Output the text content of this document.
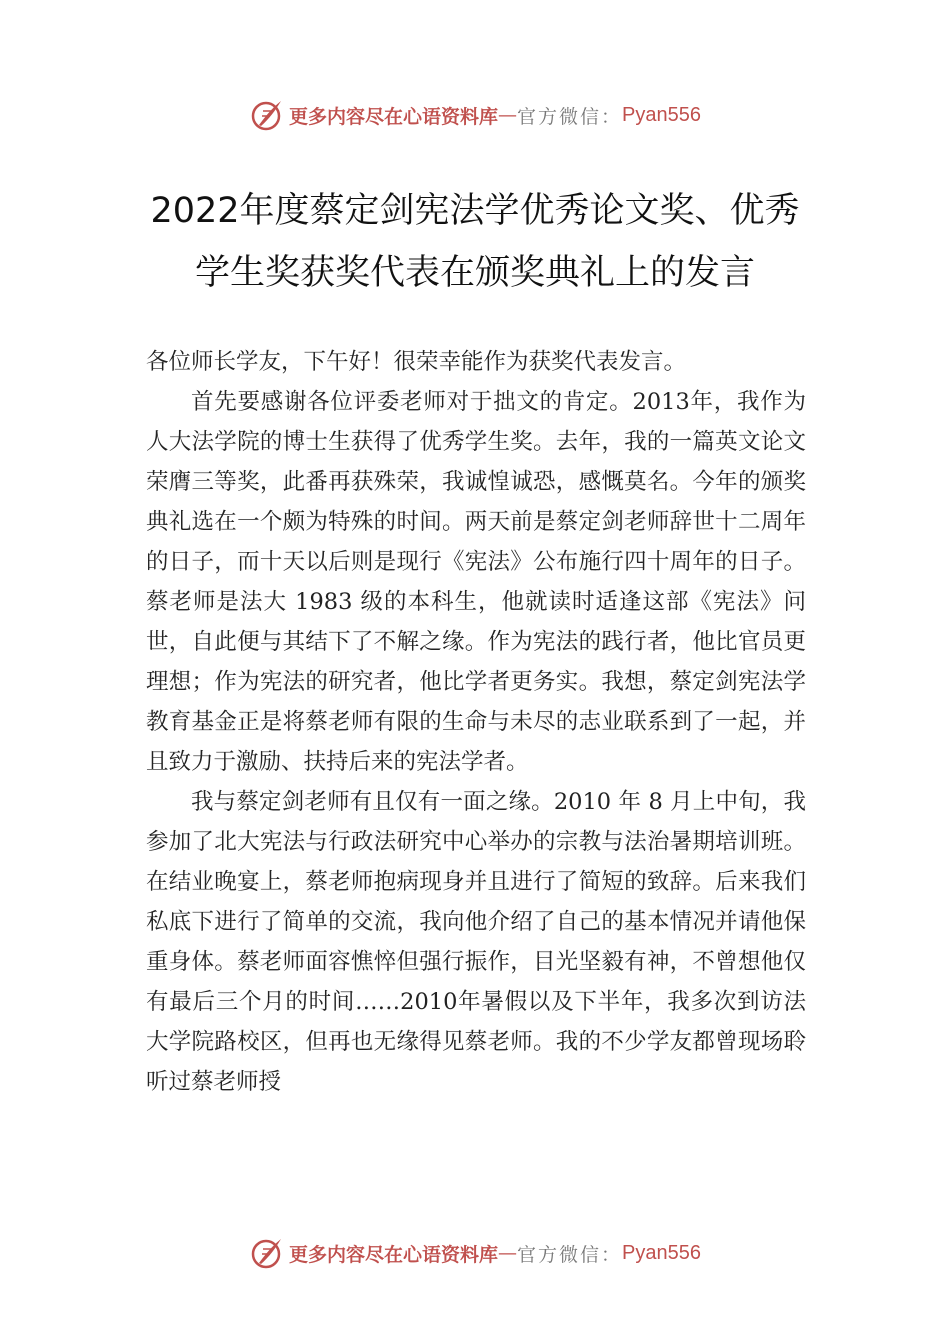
更多内容尽在心语资料库 — 官方微信： Pyan556
2022年度蔡定剑宪法学优秀论文奖、优秀
学生奖获奖代表在颁奖典礼上的发言

各位师长学友，下午好！很荣幸能作为获奖代表发言。

首先要感谢各位评委老师对于拙文的肯定。2013年，我作为人大法学院的博士生获得了优秀学生奖。去年，我的一篇英文论文荣膺三等奖，此番再获殊荣，我诚惶诚恐，感慨莫名。今年的颁奖典礼选在一个颇为特殊的时间。两天前是蔡定剑老师辞世十二周年的日子，而十天以后则是现行《宪法》公布施行四十周年的日子。蔡老师是法大 1983 级的本科生，他就读时适逢这部《宪法》问世，自此便与其结下了不解之缘。作为宪法的践行者，他比官员更理想；作为宪法的研究者，他比学者更务实。我想，蔡定剑宪法学教育基金正是将蔡老师有限的生命与未尽的志业联系到了一起，并且致力于激励、扶持后来的宪法学者。

我与蔡定剑老师有且仅有一面之缘。2010 年 8 月上中旬，我参加了北大宪法与行政法研究中心举办的宗教与法治暑期培训班。在结业晚宴上，蔡老师抱病现身并且进行了简短的致辞。后来我们私底下进行了简单的交流，我向他介绍了自己的基本情况并请他保重身体。蔡老师面容憔悴但强行振作，目光坚毅有神，不曾想他仅有最后三个月的时间……2010年暑假以及下半年，我多次到访法大学院路校区，但再也无缘得见蔡老师。我的不少学友都曾现场聆听过蔡老师授

更多内容尽在心语资料库 — 官方微信： Pyan556
